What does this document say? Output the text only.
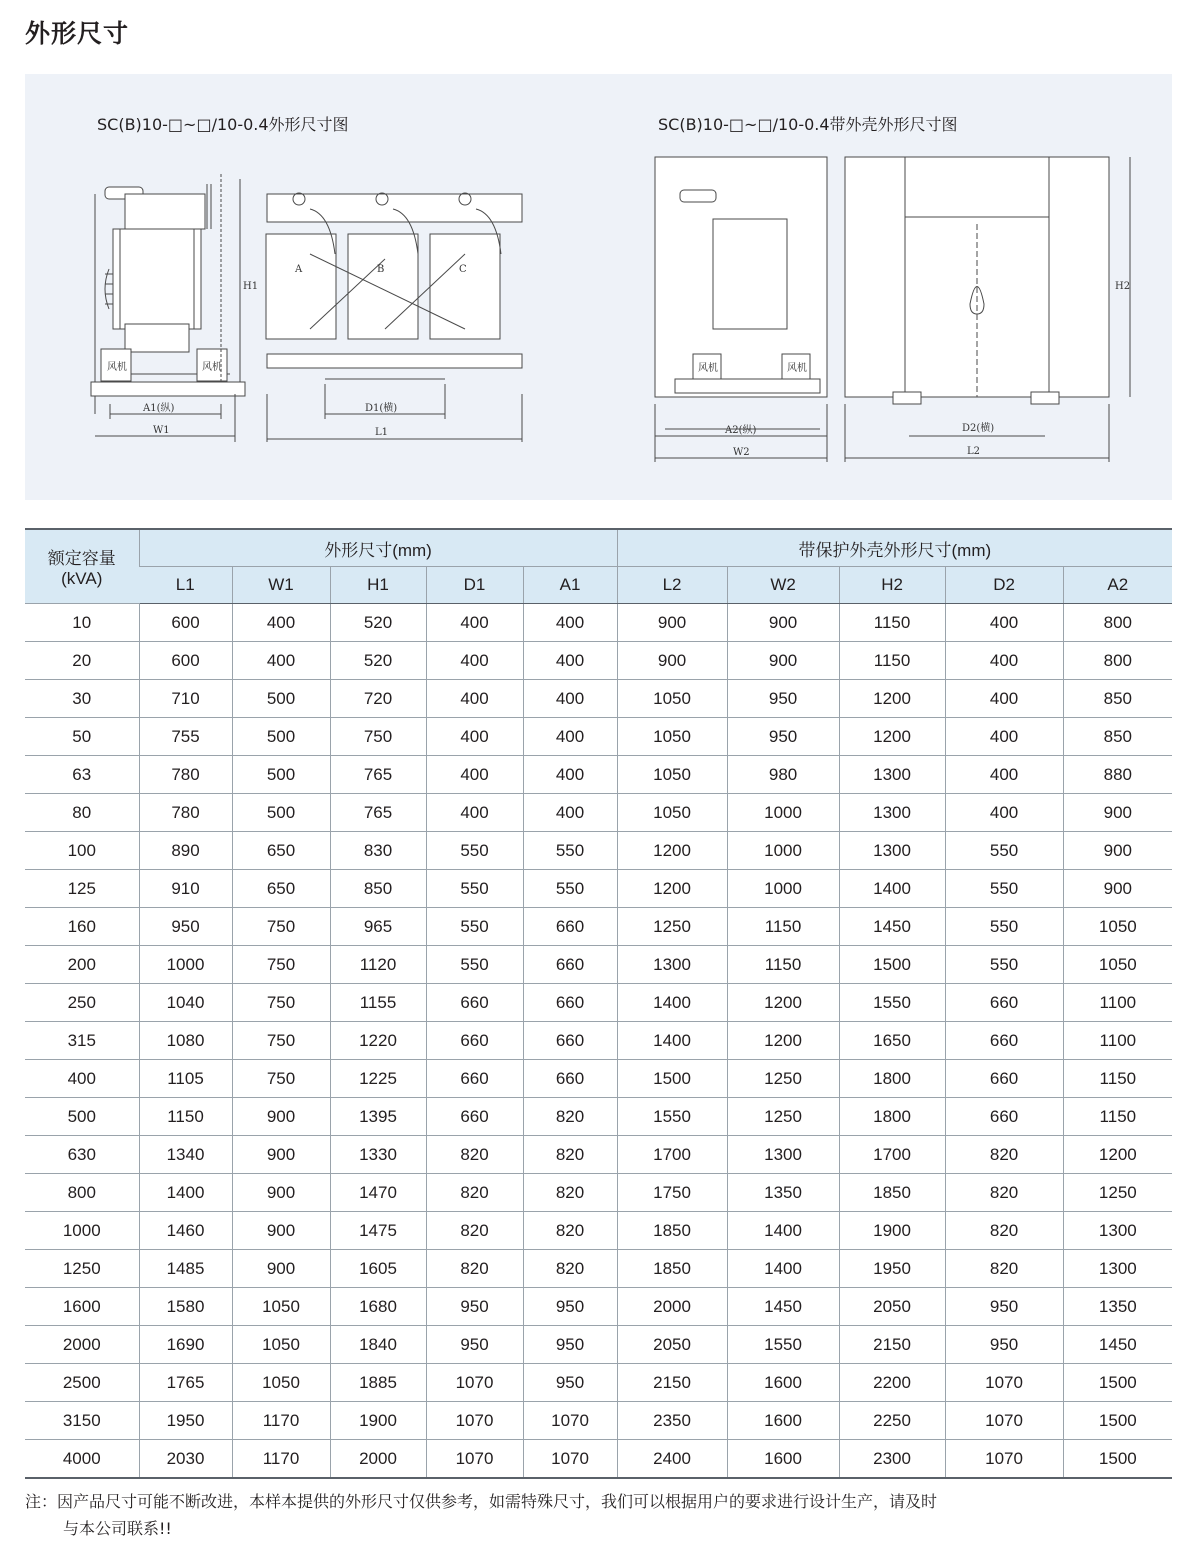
外形尺寸
A	B	C
风机	风机
A1(纵)
W1
H1
D1(横)
L1
风机	风机
A2(纵)
W2
D2(横)
L2
H2
SC(B)10-□~□/10-0.4外形尺寸图	SC(B)10-□~□/10-0.4带外壳外形尺寸图
额定容量
(kVA)	外形尺寸(mm)					带保护外壳外形尺寸(mm)				
	L1	W1	H1	D1	A1	L2	W2	H2	D2	A2
10	600	400	520	400	400	900	900	1150	400	800
20	600	400	520	400	400	900	900	1150	400	800
30	710	500	720	400	400	1050	950	1200	400	850
50	755	500	750	400	400	1050	950	1200	400	850
63	780	500	765	400	400	1050	980	1300	400	880
80	780	500	765	400	400	1050	1000	1300	400	900
100	890	650	830	550	550	1200	1000	1300	550	900
125	910	650	850	550	550	1200	1000	1400	550	900
160	950	750	965	550	660	1250	1150	1450	550	1050
200	1000	750	1120	550	660	1300	1150	1500	550	1050
250	1040	750	1155	660	660	1400	1200	1550	660	1100
315	1080	750	1220	660	660	1400	1200	1650	660	1100
400	1105	750	1225	660	660	1500	1250	1800	660	1150
500	1150	900	1395	660	820	1550	1250	1800	660	1150
630	1340	900	1330	820	820	1700	1300	1700	820	1200
800	1400	900	1470	820	820	1750	1350	1850	820	1250
1000	1460	900	1475	820	820	1850	1400	1900	820	1300
1250	1485	900	1605	820	820	1850	1400	1950	820	1300
1600	1580	1050	1680	950	950	2000	1450	2050	950	1350
2000	1690	1050	1840	950	950	2050	1550	2150	950	1450
2500	1765	1050	1885	1070	950	2150	1600	2200	1070	1500
3150	1950	1170	1900	1070	1070	2350	1600	2250	1070	1500
4000	2030	1170	2000	1070	1070	2400	1600	2300	1070	1500

注：因产品尺寸可能不断改进，本样本提供的外形尺寸仅供参考，如需特殊尺寸，我们可以根据用户的要求进行设计生产，请及时

与本公司联系!!
